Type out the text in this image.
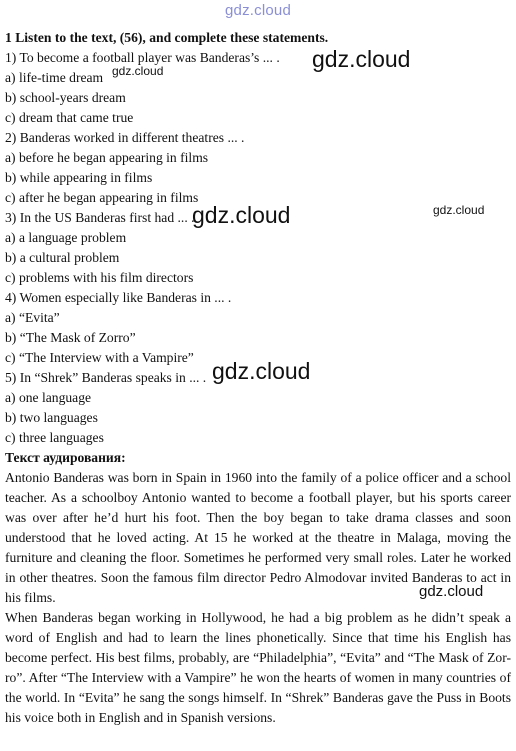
gdz.cloud
1 Listen to the text, (56), and complete these statements.
1) To become a football player was Banderas’s ... .
a) life-time dream
b) school-years dream
c) dream that came true
2) Banderas worked in different theatres ... .
a) before he began appearing in films
b) while appearing in films
c) after he began appearing in films
3) In the US Banderas first had ... .
a) a language problem
b) a cultural problem
c) problems with his film directors
4) Women especially like Banderas in ... .
a) “Evita”
b) “The Mask of Zorro”
c) “The Interview with a Vampire”
5) In “Shrek” Banderas speaks in ... .
a) one language
b) two languages
c) three languages
Текст аудирования:

Antonio Banderas was born in Spain in 1960 into the family of a police officer and a school teacher. As a schoolboy Antonio wanted to become a football player, but his sports career was over after he’d hurt his foot. Then the boy began to take drama classes and soon understood that he loved acting. At 15 he worked at the theatre in Malaga, moving the furniture and cleaning the floor. Sometimes he performed very small roles. Later he worked in other theatres. Soon the famous film director Pedro Almodovar invited Banderas to act in his films.

When Banderas began working in Hollywood, he had a big problem as he didn’t speak a word of English and had to learn the lines phonetically. Since that time his English has become perfect. His best films, probably, are “Philadelphia”, “Evita” and “The Mask of Zor-ro”. After “The Interview with a Vampire” he won the hearts of women in many countries of the world. In “Evita” he sang the songs himself. In “Shrek” Banderas gave the Puss in Boots his voice both in English and in Spanish versions.

gdz.cloud
gdz.cloud
gdz.cloud	gdz.cloud
gdz.cloud
gdz.cloud
